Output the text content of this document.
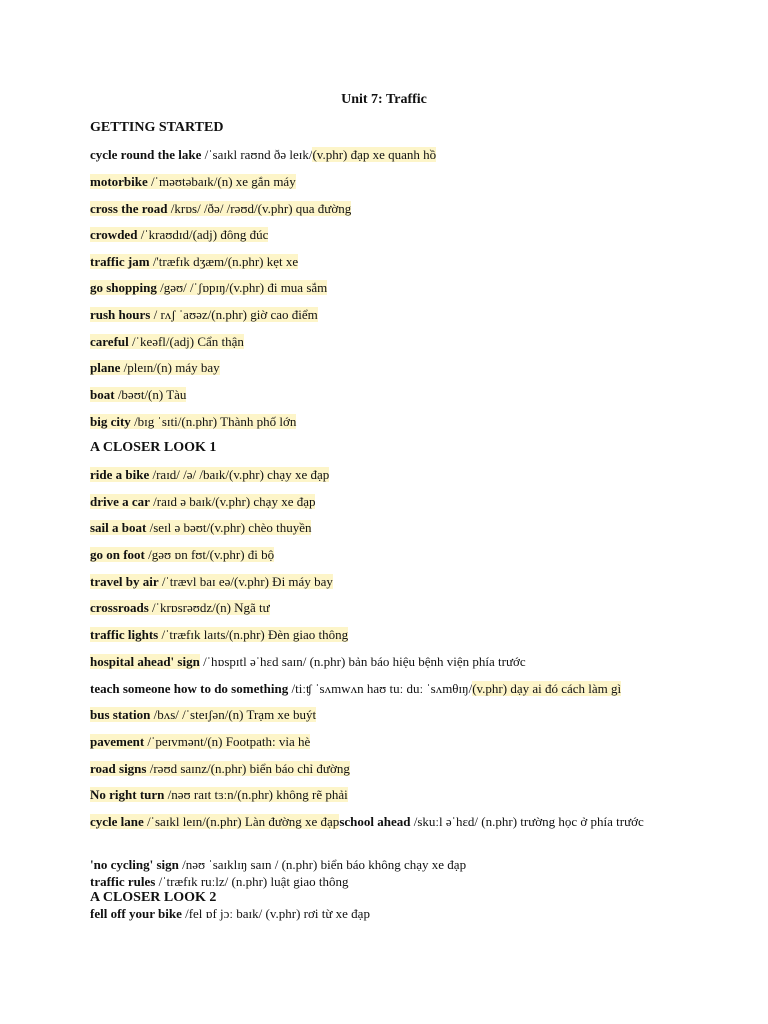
Unit 7: Traffic
GETTING STARTED
cycle round the lake /ˈsaɪkl raʊnd ðə leɪk/(v.phr) đạp xe quanh hồ
motorbike /ˈməʊtəbaɪk/(n) xe gắn máy
cross the road /krɒs/ /ðə/ /rəʊd/(v.phr) qua đường
crowded /ˈkraʊdɪd/(adj) đông đúc
traffic jam /'træfɪk dʒæm/(n.phr) kẹt xe
go shopping /gəʊ/ /ˈʃɒpɪŋ/(v.phr) đi mua sắm
rush hours / rʌʃ ˈaʊəz/(n.phr) giờ cao điểm
careful /ˈkeəfl/(adj) Cẩn thận
plane /pleɪn/(n) máy bay
boat /bəʊt/(n) Tàu
big city /bɪg ˈsɪti/(n.phr) Thành phố lớn
A CLOSER LOOK 1
ride a bike /raɪd/ /ə/ /baɪk/(v.phr) chạy xe đạp
drive a car /raɪd ə baɪk/(v.phr) chạy xe đạp
sail a boat /seɪl ə bəʊt/(v.phr) chèo thuyền
go on foot /gəʊ ɒn fʊt/(v.phr) đi bộ
travel by air /ˈtrævl baɪ eə/(v.phr) Đi máy bay
crossroads /ˈkrɒsrəʊdz/(n) Ngã tư
traffic lights /ˈtræfɪk laɪts/(n.phr) Đèn giao thông
hospital ahead' sign /ˈhɒspɪtl əˈhɛd saɪn/ (n.phr) bản báo hiệu bệnh viện phía trước
teach someone how to do something /tiːʧ ˈsʌmwʌn haʊ tuː duː ˈsʌmθɪŋ/(v.phr) dạy ai đó cách làm gì
bus station /bʌs/ /ˈsteɪʃən/(n) Trạm xe buýt
pavement /ˈpeɪvmənt/(n) Footpath: vỉa hè
road signs /rəʊd saɪnz/(n.phr) biển báo chỉ đường
No right turn /nəʊ raɪt tɜːn/(n.phr) không rẽ phải
cycle lane /ˈsaɪkl leɪn/(n.phr) Làn đường xe đạpschool ahead /skuːl əˈhɛd/ (n.phr) trường học ở phía trước
'no cycling' sign /nəʊ ˈsaɪklɪŋ saɪn / (n.phr) biển báo không chạy xe đạp
traffic rules /ˈtræfɪk ruːlz/ (n.phr) luật giao thông
A CLOSER LOOK 2
fell off your bike /fel ɒf jɔː baɪk/ (v.phr) rơi từ xe đạp
